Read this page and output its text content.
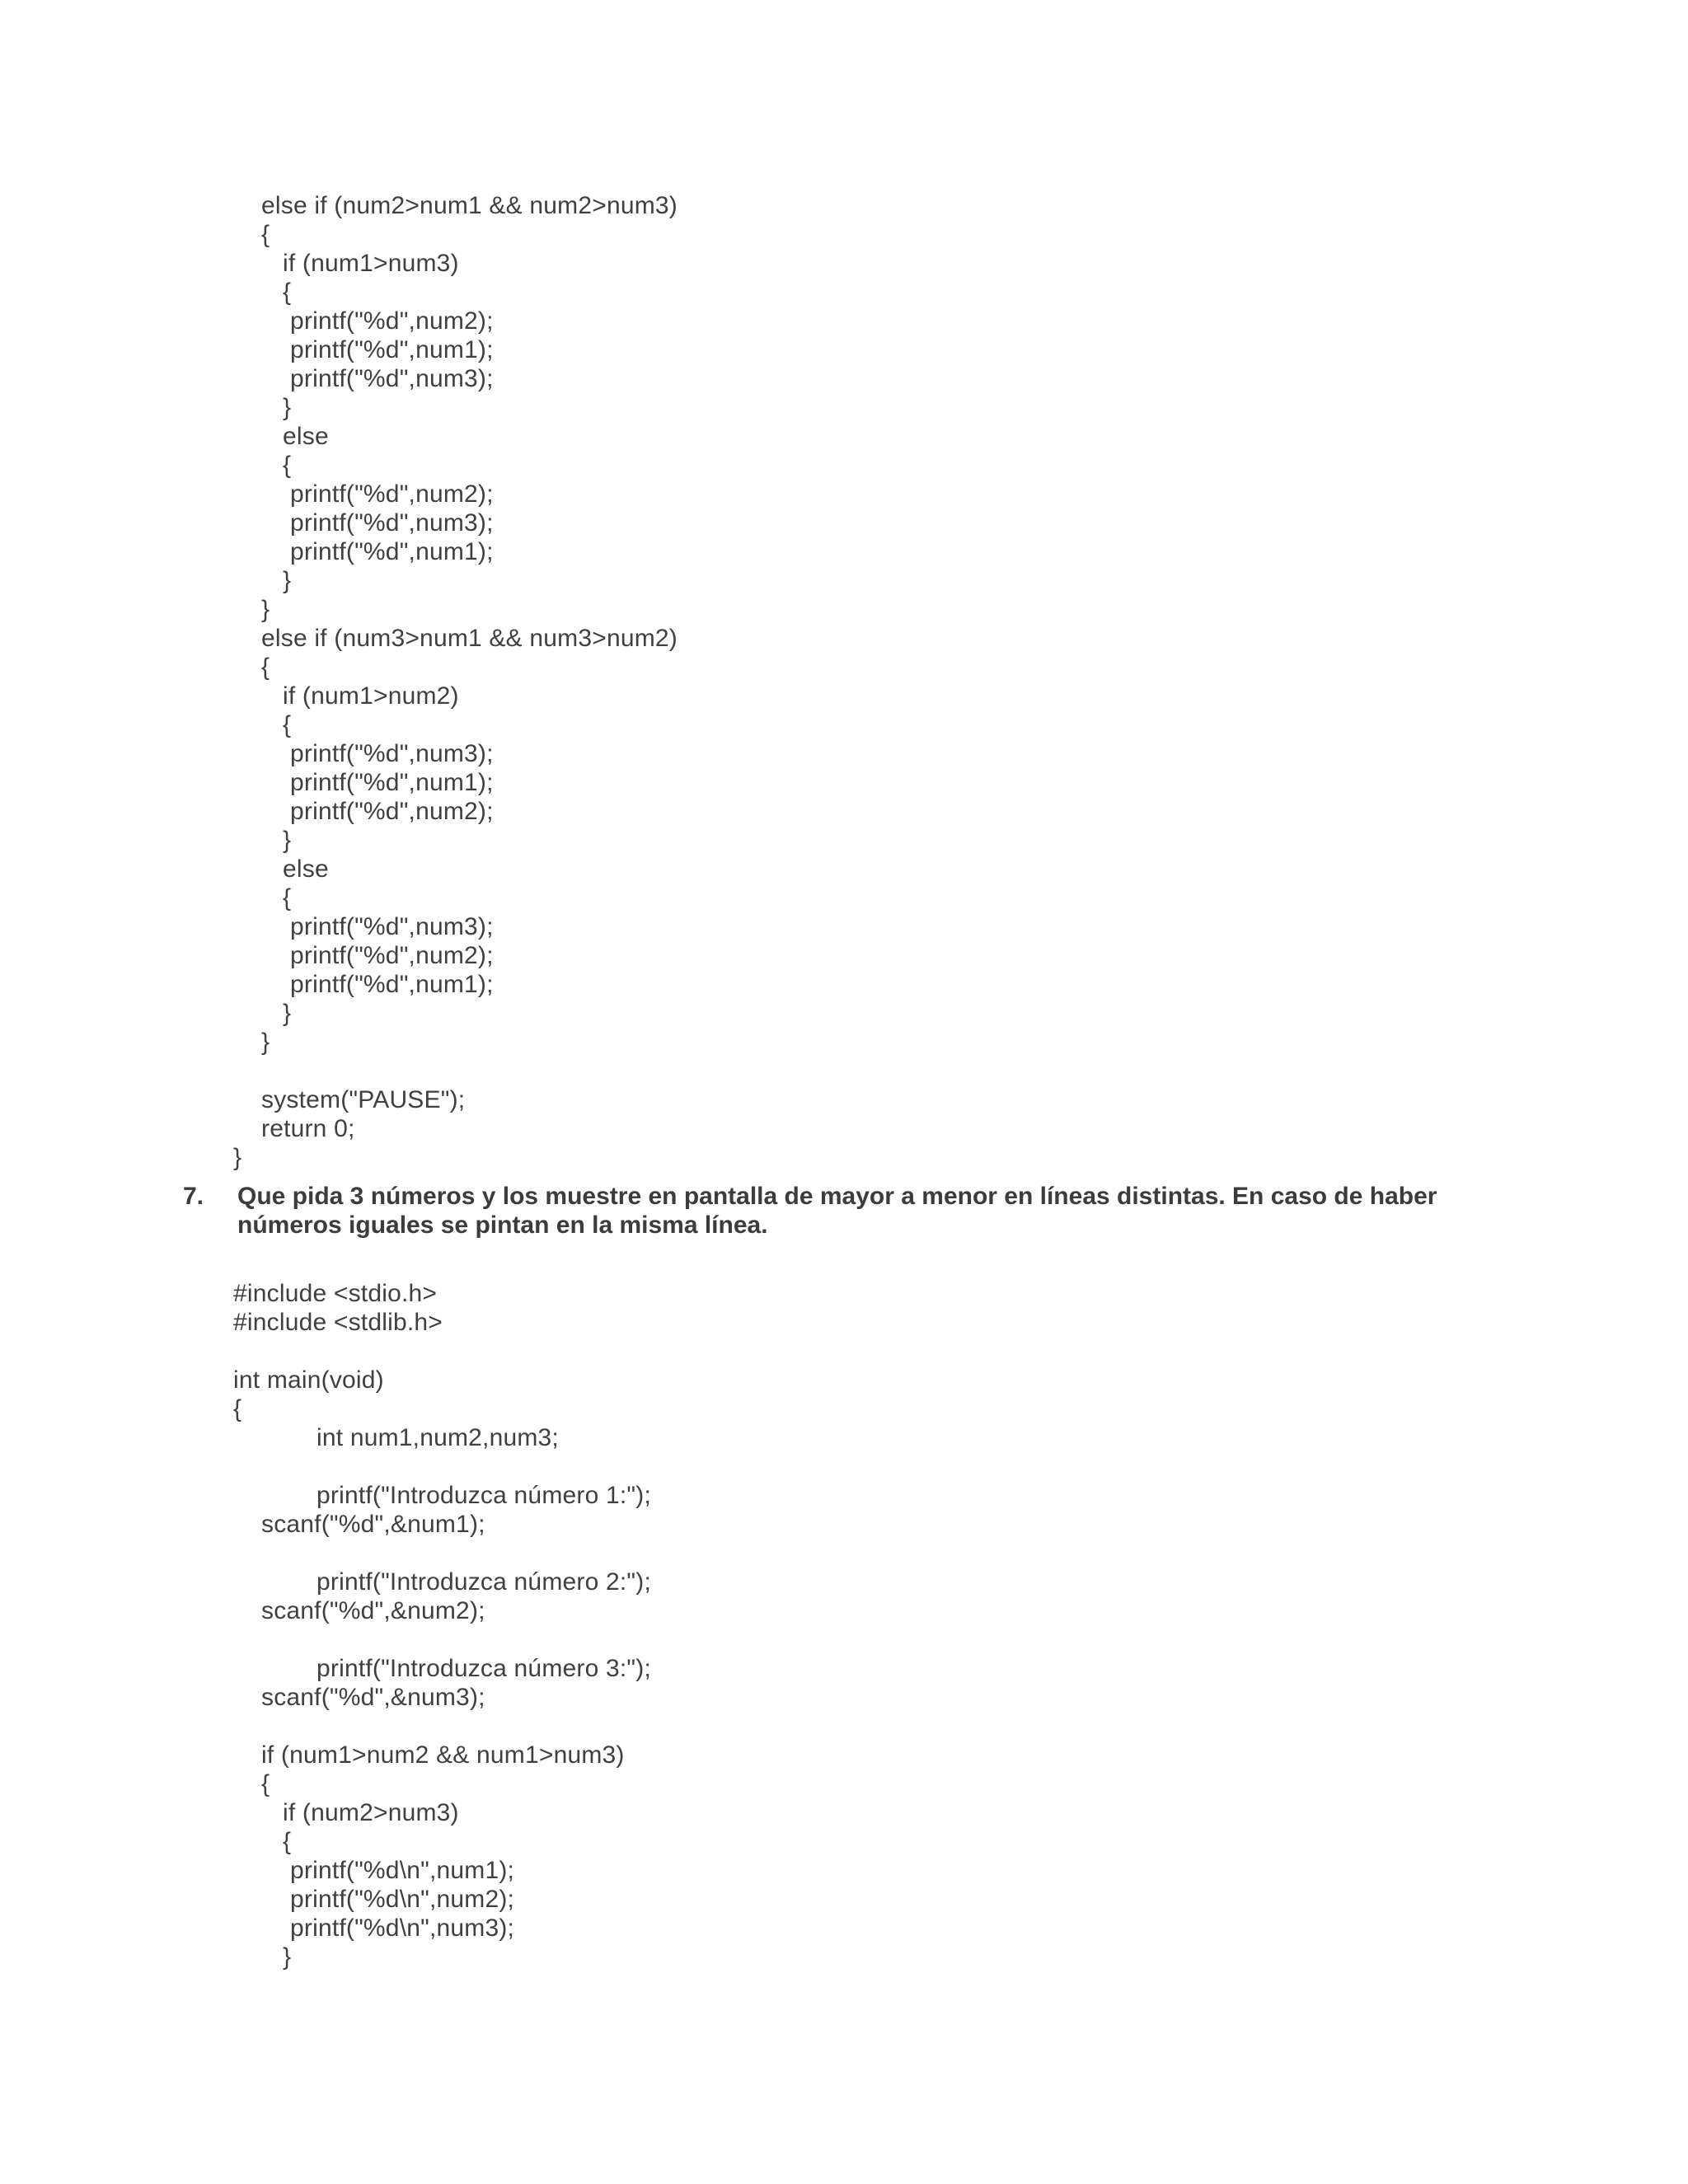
else if (num2>num1 && num2>num3)
{
if (num1>num3)
{
printf("%d",num2);
printf("%d",num1);
printf("%d",num3);
}
else
{
printf("%d",num2);
printf("%d",num3);
printf("%d",num1);
}
}
else if (num3>num1 && num3>num2)
{
if (num1>num2)
{
printf("%d",num3);
printf("%d",num1);
printf("%d",num2);
}
else
{
printf("%d",num3);
printf("%d",num2);
printf("%d",num1);
}
}
system("PAUSE");
return 0;
}
7. Que pida 3 números y los muestre en pantalla de mayor a menor en líneas distintas. En caso de haber
números iguales se pintan en la misma línea.
#include <stdio.h>
#include <stdlib.h>
int main(void)
{
int num1,num2,num3;
printf("Introduzca número 1:");
scanf("%d",&num1);
printf("Introduzca número 2:");
scanf("%d",&num2);
printf("Introduzca número 3:");
scanf("%d",&num3);
if (num1>num2 && num1>num3)
{
if (num2>num3)
{
printf("%d\n",num1);
printf("%d\n",num2);
printf("%d\n",num3);
}
